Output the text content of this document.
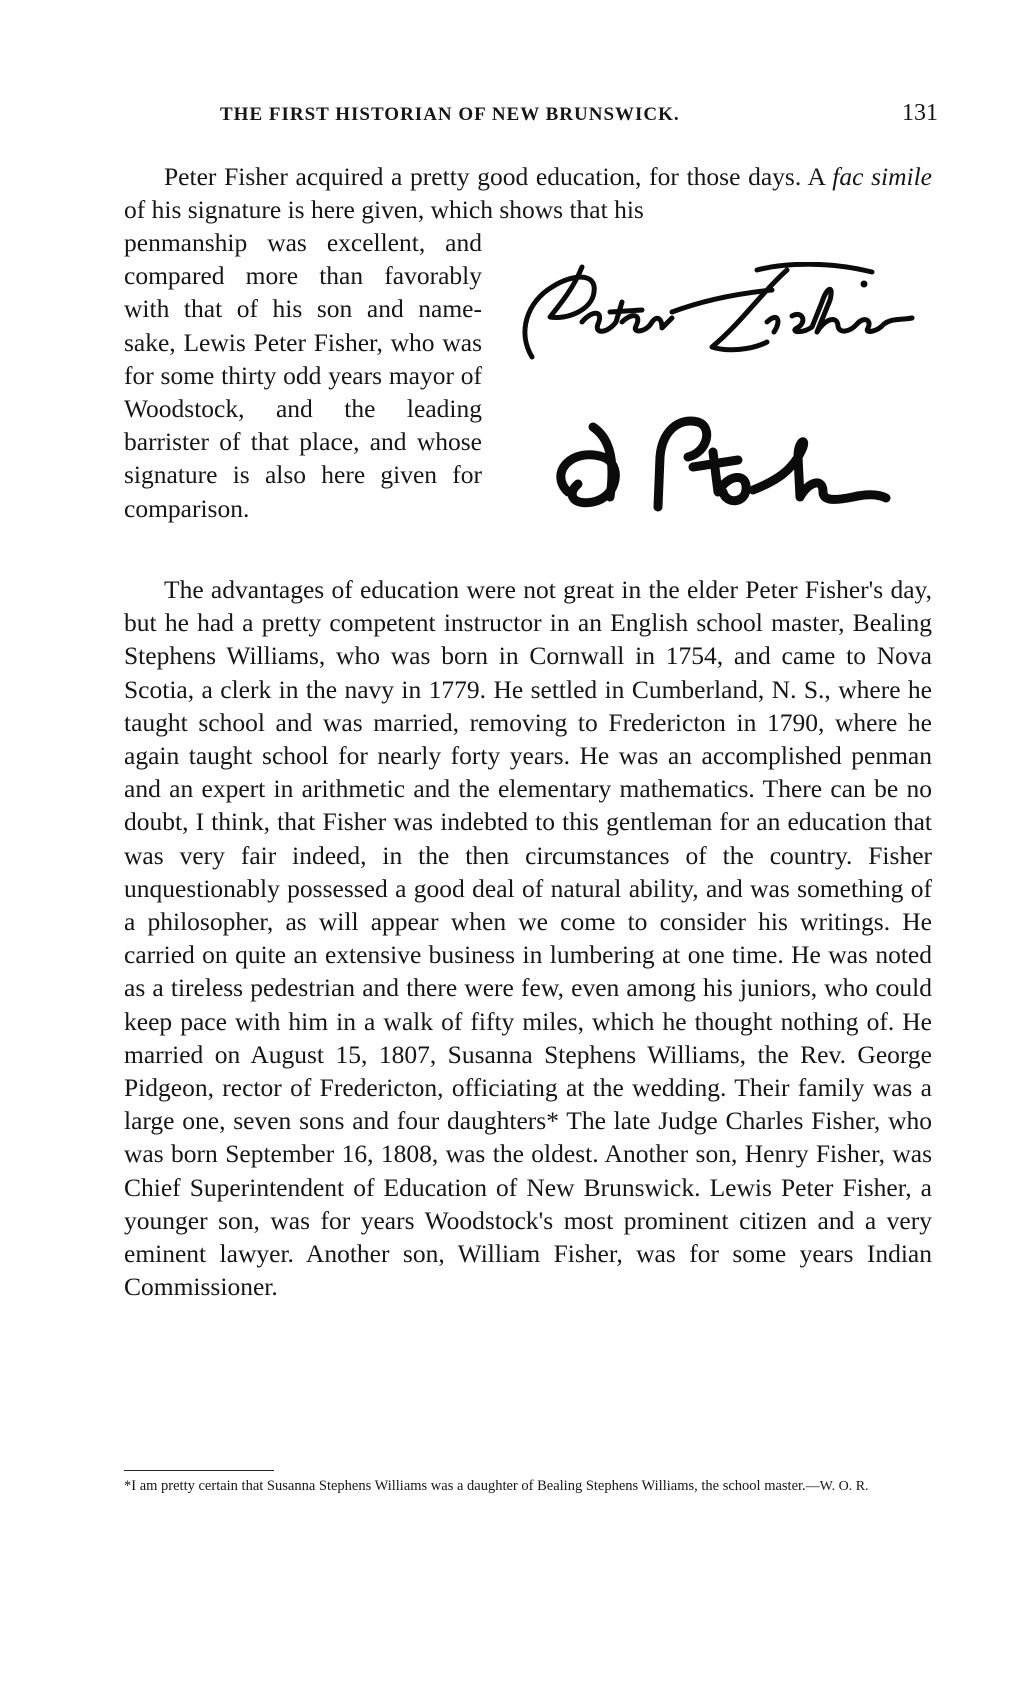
THE FIRST HISTORIAN OF NEW BRUNSWICK.	131
Peter Fisher acquired a pretty good education, for those days. A fac simile of his signature is here given, which shows that his
penmanship was excellent, and compared more than favorably with that of his son and name-sake, Lewis Peter Fisher, who was for some thirty odd years mayor of Woodstock, and the leading barrister of that place, and whose signature is also here given for comparison.
The advantages of education were not great in the elder Peter Fisher's day, but he had a pretty competent instructor in an English school master, Bealing Stephens Williams, who was born in Cornwall in 1754, and came to Nova Scotia, a clerk in the navy in 1779. He settled in Cumberland, N. S., where he taught school and was married, removing to Fredericton in 1790, where he again taught school for nearly forty years. He was an accomplished penman and an expert in arithmetic and the elementary mathematics. There can be no doubt, I think, that Fisher was indebted to this gentleman for an education that was very fair indeed, in the then circumstances of the country. Fisher unquestionably possessed a good deal of natural ability, and was something of a philosopher, as will appear when we come to consider his writings. He carried on quite an extensive business in lumbering at one time. He was noted as a tireless pedestrian and there were few, even among his juniors, who could keep pace with him in a walk of fifty miles, which he thought nothing of. He married on August 15, 1807, Susanna Stephens Williams, the Rev. George Pidgeon, rector of Fredericton, officiating at the wedding. Their family was a large one, seven sons and four daughters* The late Judge Charles Fisher, who was born September 16, 1808, was the oldest. Another son, Henry Fisher, was Chief Superintendent of Education of New Brunswick. Lewis Peter Fisher, a younger son, was for years Woodstock's most prominent citizen and a very eminent lawyer. Another son, William Fisher, was for some years Indian Commissioner.
*I am pretty certain that Susanna Stephens Williams was a daughter of Bealing Stephens Williams, the school master.—W. O. R.
